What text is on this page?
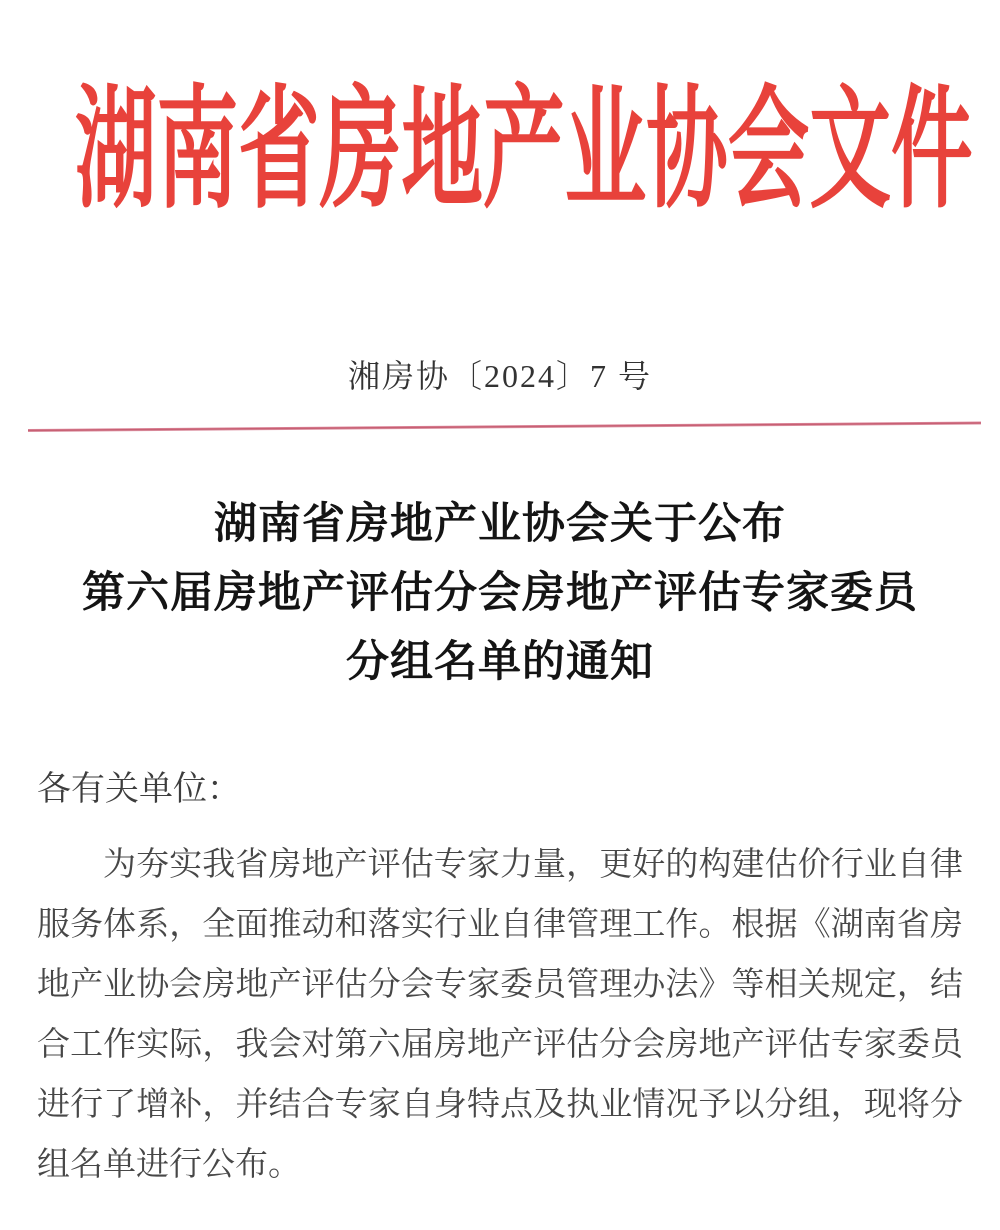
湖南省房地产业协会文件
湘房协〔2024〕7 号
湖南省房地产业协会关于公布
第六届房地产评估分会房地产评估专家委员
分组名单的通知
各有关单位：
为夯实我省房地产评估专家力量，更好的构建估价行业自律
服务体系，全面推动和落实行业自律管理工作。根据《湖南省房
地产业协会房地产评估分会专家委员管理办法》等相关规定，结
合工作实际，我会对第六届房地产评估分会房地产评估专家委员
进行了增补，并结合专家自身特点及执业情况予以分组，现将分
组名单进行公布。
